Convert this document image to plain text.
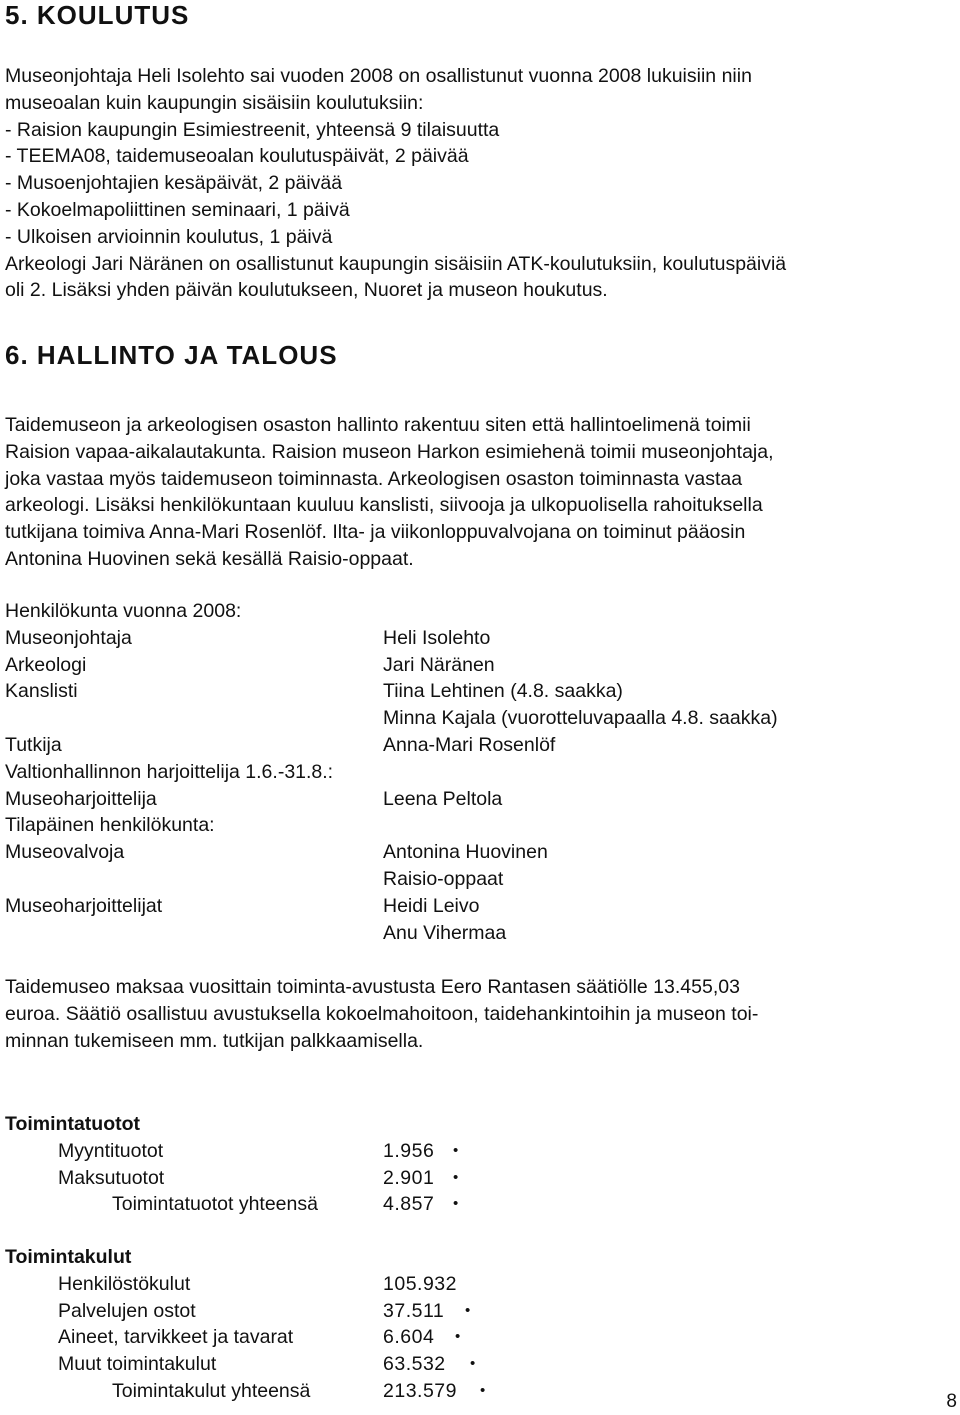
5. KOULUTUS
Museonjohtaja Heli Isolehto sai vuoden 2008 on osallistunut vuonna 2008 lukuisiin niin
museoalan kuin kaupungin sisäisiin koulutuksiin:
- Raision kaupungin Esimiestreenit, yhteensä 9 tilaisuutta
- TEEMA08, taidemuseoalan koulutuspäivät, 2 päivää
- Musoenjohtajien kesäpäivät, 2 päivää
- Kokoelmapoliittinen seminaari, 1 päivä
- Ulkoisen arvioinnin koulutus, 1 päivä
Arkeologi Jari Näränen on osallistunut kaupungin sisäisiin ATK-koulutuksiin, koulutuspäiviä
oli 2. Lisäksi yhden päivän koulutukseen, Nuoret ja museon houkutus.
6. HALLINTO JA TALOUS
Taidemuseon ja arkeologisen osaston hallinto rakentuu siten että hallintoelimenä toimii
Raision vapaa-aikalautakunta. Raision museon Harkon esimiehenä toimii museonjohtaja,
joka vastaa myös taidemuseon toiminnasta. Arkeologisen osaston toiminnasta vastaa
arkeologi. Lisäksi henkilökuntaan kuuluu kanslisti, siivooja ja ulkopuolisella rahoituksella
tutkijana toimiva Anna-Mari Rosenlöf. Ilta- ja viikonloppuvalvojana on toiminut pääosin
Antonina Huovinen sekä kesällä Raisio-oppaat.
Henkilökunta vuonna 2008:
Museonjohtaja	Heli Isolehto
Arkeologi	Jari Näränen
Kanslisti	Tiina Lehtinen (4.8. saakka)
Minna Kajala (vuorotteluvapaalla 4.8. saakka)
Tutkija	Anna-Mari Rosenlöf
Valtionhallinnon harjoittelija 1.6.-31.8.:
Museoharjoittelija	Leena Peltola
Tilapäinen henkilökunta:
Museovalvoja	Antonina Huovinen
Raisio-oppaat
Museoharjoittelijat	Heidi Leivo
Anu Vihermaa
Taidemuseo maksaa vuosittain toiminta-avustusta Eero Rantasen säätiölle 13.455,03
euroa. Säätiö osallistuu avustuksella kokoelmahoitoon, taidehankintoihin ja museon toi-
minnan tukemiseen mm. tutkijan palkkaamisella.
Toimintatuotot
Myyntituotot	1.956 •
Maksutuotot	2.901 •
Toimintatuotot yhteensä	4.857 •
Toimintakulut
Henkilöstökulut	105.932
Palvelujen ostot	37.511 •
Aineet, tarvikkeet ja tavarat	6.604 •
Muut toimintakulut	63.532 •
Toimintakulut yhteensä	213.579 •
8
